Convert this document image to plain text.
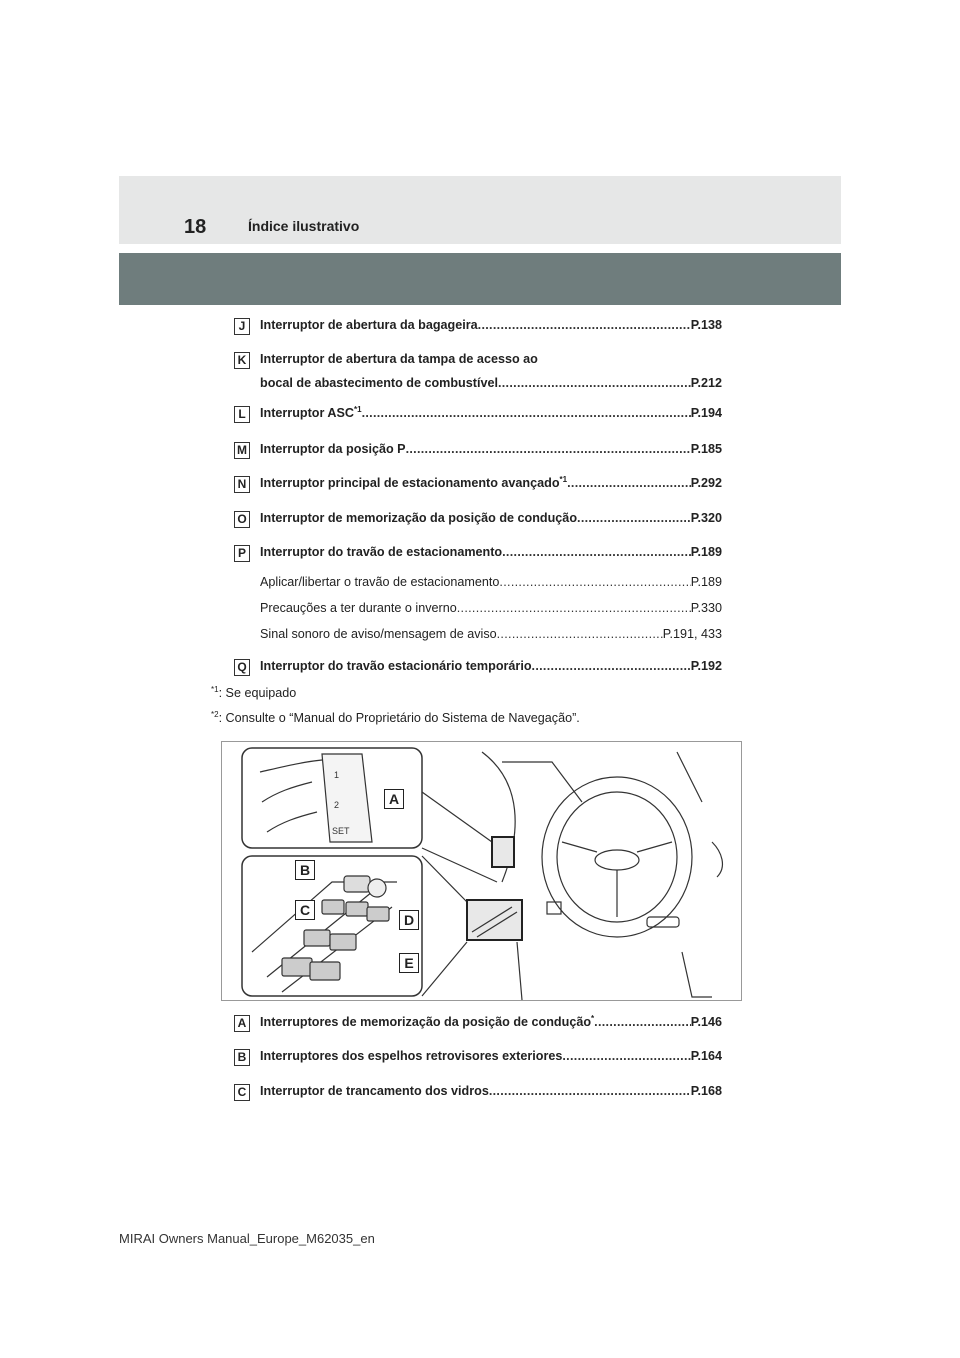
18	Índice ilustrativo
J	Interruptor de abertura da bagageira .....	P.138
K Interruptor de abertura da tampa de acesso ao
bocal de abastecimento de combustível .....	P.212
L	Interruptor ASC$^{*1}$ .....	P.194
M Interruptor da posição P .....	P.185
N Interruptor principal de estacionamento avançado$^{*1}$ .....	P.292
O Interruptor de memorização da posição de condução .....	P.320
P	Interruptor do travão de estacionamento .....	P.189
Aplicar/libertar o travão de estacionamento .....	P.189
Precauções a ter durante o inverno .....	P.330
Sinal sonoro de aviso/mensagem de aviso .....	P.191, 433
Q Interruptor do travão estacionário temporário .....	P.192
$^{*1}$: Se equipado
$^{*2}$: Consulte o “Manual do Proprietário do Sistema de Navegação”.
1
2
SET
A
B
C
D
E
A Interruptores de memorização da posição de condução* .....	P.146
B Interruptores dos espelhos retrovisores exteriores .....	P.164
C Interruptor de trancamento dos vidros .....	P.168
MIRAI Owners Manual_Europe_M62035_en
